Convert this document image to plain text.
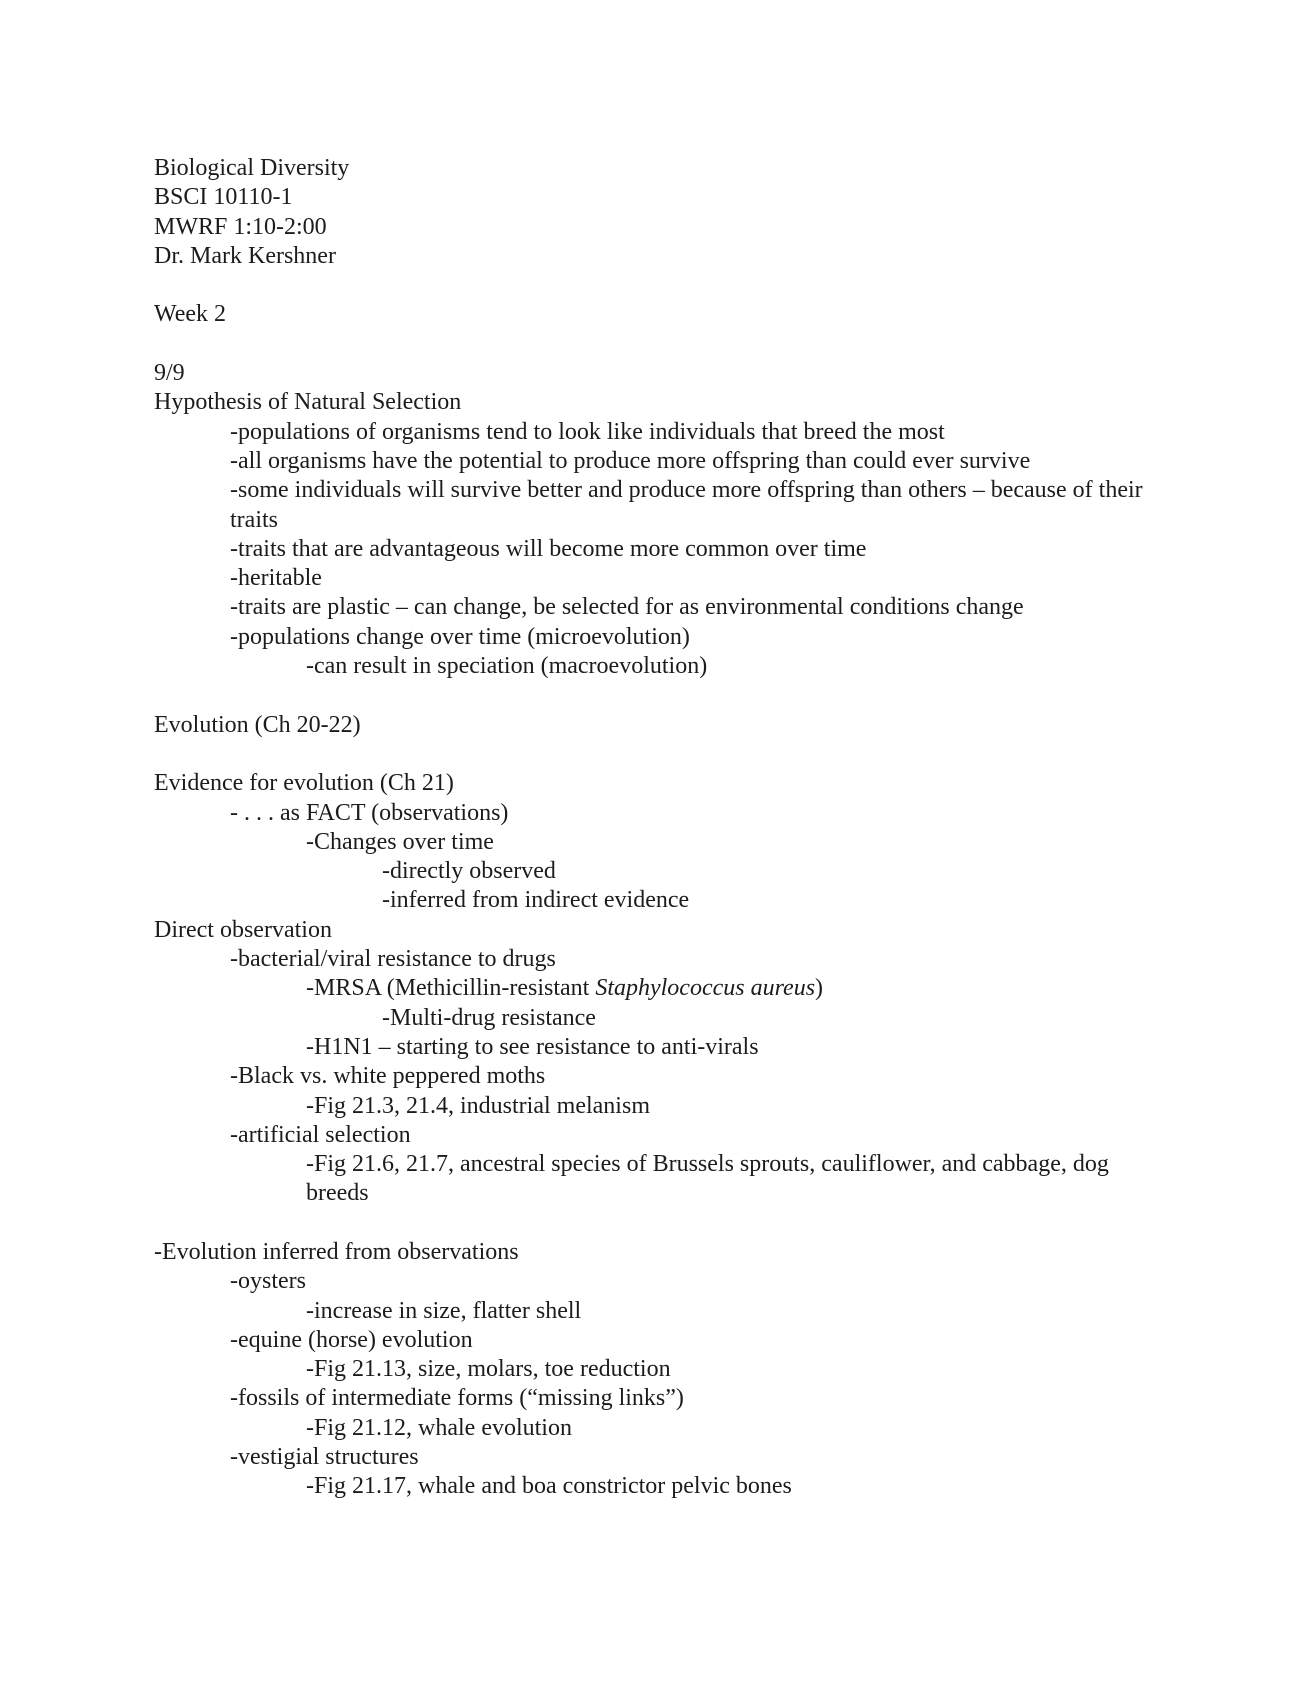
Biological Diversity

BSCI 10110-1

MWRF 1:10-2:00

Dr. Mark Kershner

Week 2

9/9

Hypothesis of Natural Selection

-populations of organisms tend to look like individuals that breed the most

-all organisms have the potential to produce more offspring than could ever survive

-some individuals will survive better and produce more offspring than others – because of their traits

-traits that are advantageous will become more common over time

-heritable

-traits are plastic – can change, be selected for as environmental conditions change

-populations change over time (microevolution)

-can result in speciation (macroevolution)

Evolution (Ch 20-22)

Evidence for evolution (Ch 21)

- . . . as FACT (observations)

-Changes over time

-directly observed

-inferred from indirect evidence

Direct observation

-bacterial/viral resistance to drugs

-MRSA (Methicillin-resistant Staphylococcus aureus)

-Multi-drug resistance

-H1N1 – starting to see resistance to anti-virals

-Black vs. white peppered moths

-Fig 21.3, 21.4, industrial melanism

-artificial selection

-Fig 21.6, 21.7, ancestral species of Brussels sprouts, cauliflower, and cabbage, dog breeds

-Evolution inferred from observations

-oysters

-increase in size, flatter shell

-equine (horse) evolution

-Fig 21.13, size, molars, toe reduction

-fossils of intermediate forms (“missing links”)

-Fig 21.12, whale evolution

-vestigial structures

-Fig 21.17, whale and boa constrictor pelvic bones
